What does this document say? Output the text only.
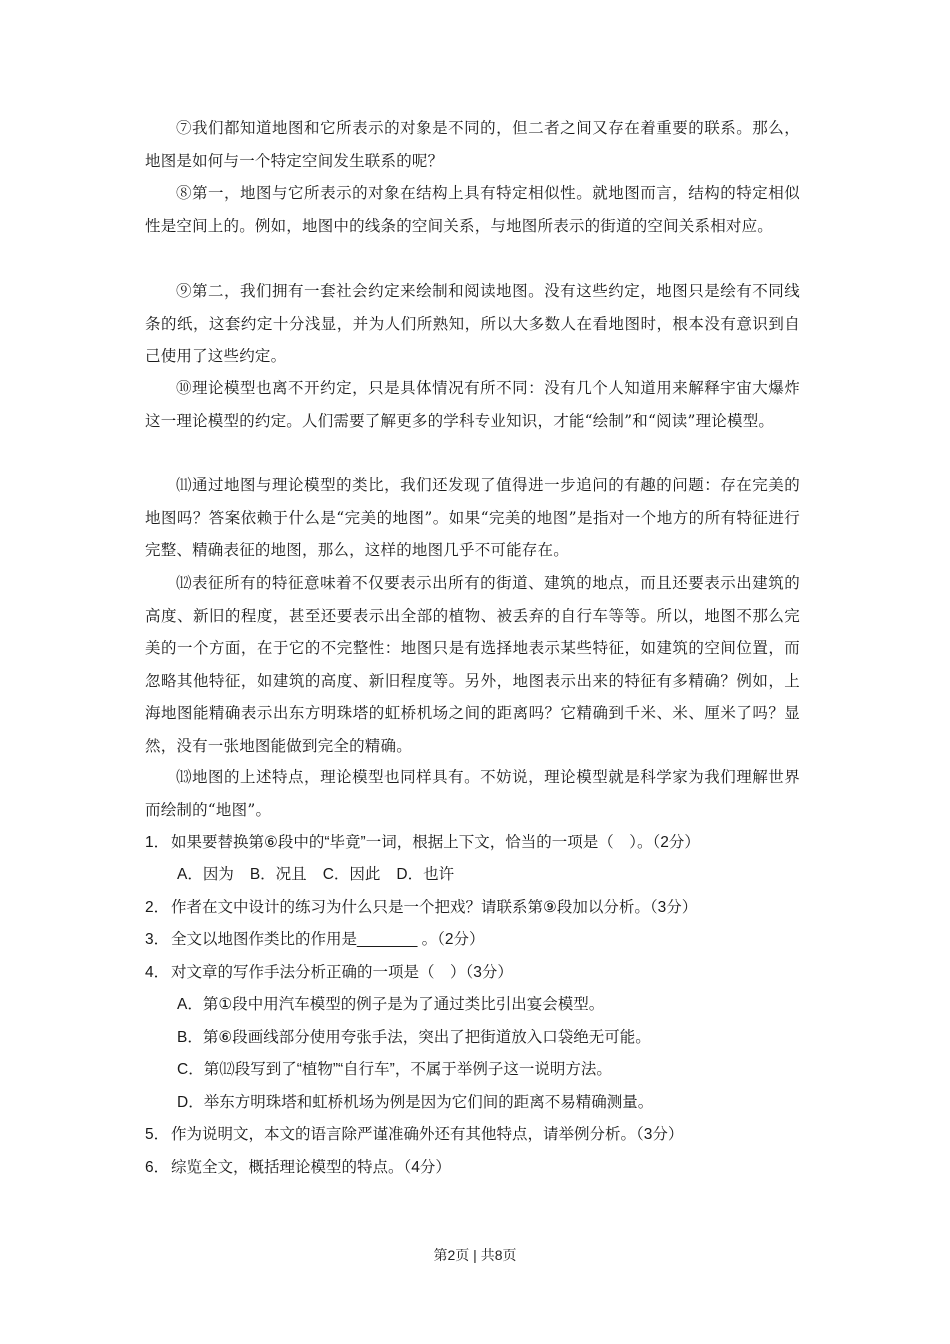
⑦我们都知道地图和它所表示的对象是不同的，但二者之间又存在着重要的联系。那么，地图是如何与一个特定空间发生联系的呢？

⑧第一，地图与它所表示的对象在结构上具有特定相似性。就地图而言，结构的特定相似性是空间上的。例如，地图中的线条的空间关系，与地图所表示的街道的空间关系相对应。

⑨第二，我们拥有一套社会约定来绘制和阅读地图。没有这些约定，地图只是绘有不同线条的纸，这套约定十分浅显，并为人们所熟知，所以大多数人在看地图时，根本没有意识到自己使用了这些约定。

⑩理论模型也离不开约定，只是具体情况有所不同：没有几个人知道用来解释宇宙大爆炸这一理论模型的约定。人们需要了解更多的学科专业知识，才能“绘制”和“阅读”理论模型。

⑾通过地图与理论模型的类比，我们还发现了值得进一步追问的有趣的问题：存在完美的地图吗？答案依赖于什么是“完美的地图”。如果“完美的地图”是指对一个地方的所有特征进行完整、精确表征的地图，那么，这样的地图几乎不可能存在。

⑿表征所有的特征意味着不仅要表示出所有的街道、建筑的地点，而且还要表示出建筑的高度、新旧的程度，甚至还要表示出全部的植物、被丢弃的自行车等等。所以，地图不那么完美的一个方面，在于它的不完整性：地图只是有选择地表示某些特征，如建筑的空间位置，而忽略其他特征，如建筑的高度、新旧程度等。另外，地图表示出来的特征有多精确？例如，上海地图能精确表示出东方明珠塔的虹桥机场之间的距离吗？它精确到千米、米、厘米了吗？显然，没有一张地图能做到完全的精确。

⒀地图的上述特点，理论模型也同样具有。不妨说，理论模型就是科学家为我们理解世界而绘制的“地图”。

1． 如果要替换第⑥段中的“毕竟”一词，根据上下文，恰当的一项是（　）。（2分）
A．因为 B．况且 C．因此 D．也许
2． 作者在文中设计的练习为什么只是一个把戏？请联系第⑨段加以分析。（3分）
3． 全文以地图作类比的作用是_______ 。（2分）
4． 对文章的写作手法分析正确的一项是（　）（3分）
A．第①段中用汽车模型的例子是为了通过类比引出宴会模型。
B．第⑥段画线部分使用夸张手法，突出了把街道放入口袋绝无可能。
C．第⑿段写到了“植物”“自行车”，不属于举例子这一说明方法。
D．举东方明珠塔和虹桥机场为例是因为它们间的距离不易精确测量。
5． 作为说明文，本文的语言除严谨准确外还有其他特点，请举例分析。（3分）
6． 综览全文，概括理论模型的特点。（4分）
第2页 | 共8页
